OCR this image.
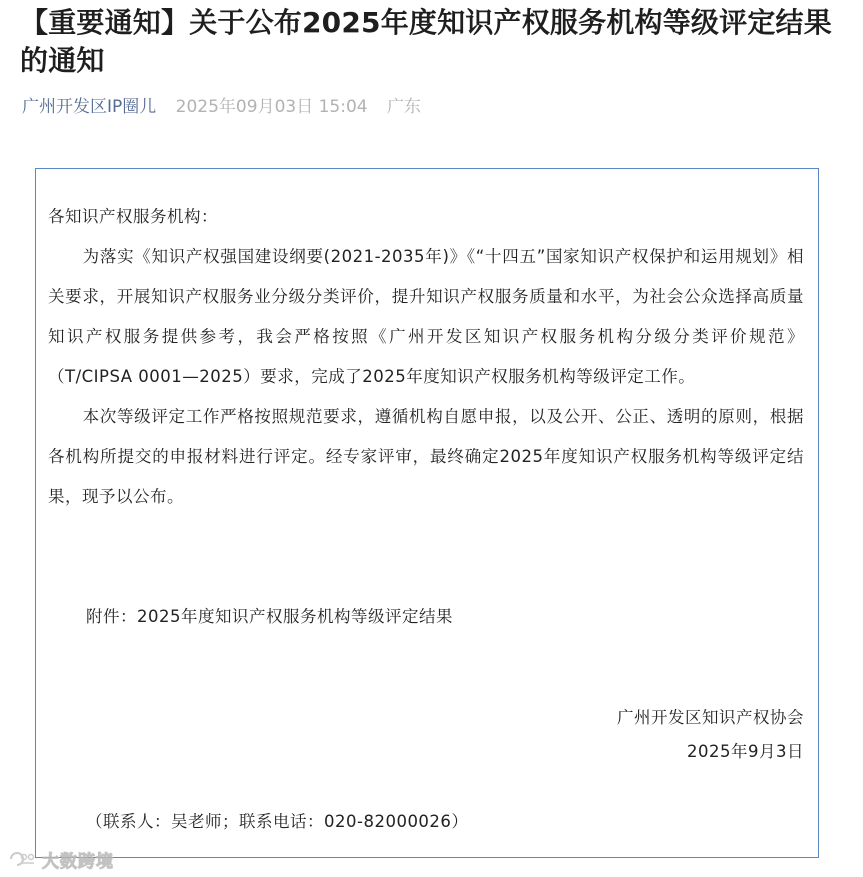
【重要通知】关于公布2025年度知识产权服务机构等级评定结果的通知
广州开发区IP圈儿 2025年09月03日 15:04 广东

各知识产权服务机构：

为落实《知识产权强国建设纲要(2021-2035年)》《“十四五”国家知识产权保护和运用规划》相关要求，开展知识产权服务业分级分类评价，提升知识产权服务质量和水平，为社会公众选择高质量知识产权服务提供参考，我会严格按照《广州开发区知识产权服务机构分级分类评价规范》（T/CIPSA 0001—2025）要求，完成了2025年度知识产权服务机构等级评定工作。

本次等级评定工作严格按照规范要求，遵循机构自愿申报，以及公开、公正、透明的原则，根据各机构所提交的申报材料进行评定。经专家评审，最终确定2025年度知识产权服务机构等级评定结果，现予以公布。

附件：2025年度知识产权服务机构等级评定结果
广州开发区知识产权协会
2025年9月3日
（联系人：吴老师；联系电话：020-82000026）
大数跨境
